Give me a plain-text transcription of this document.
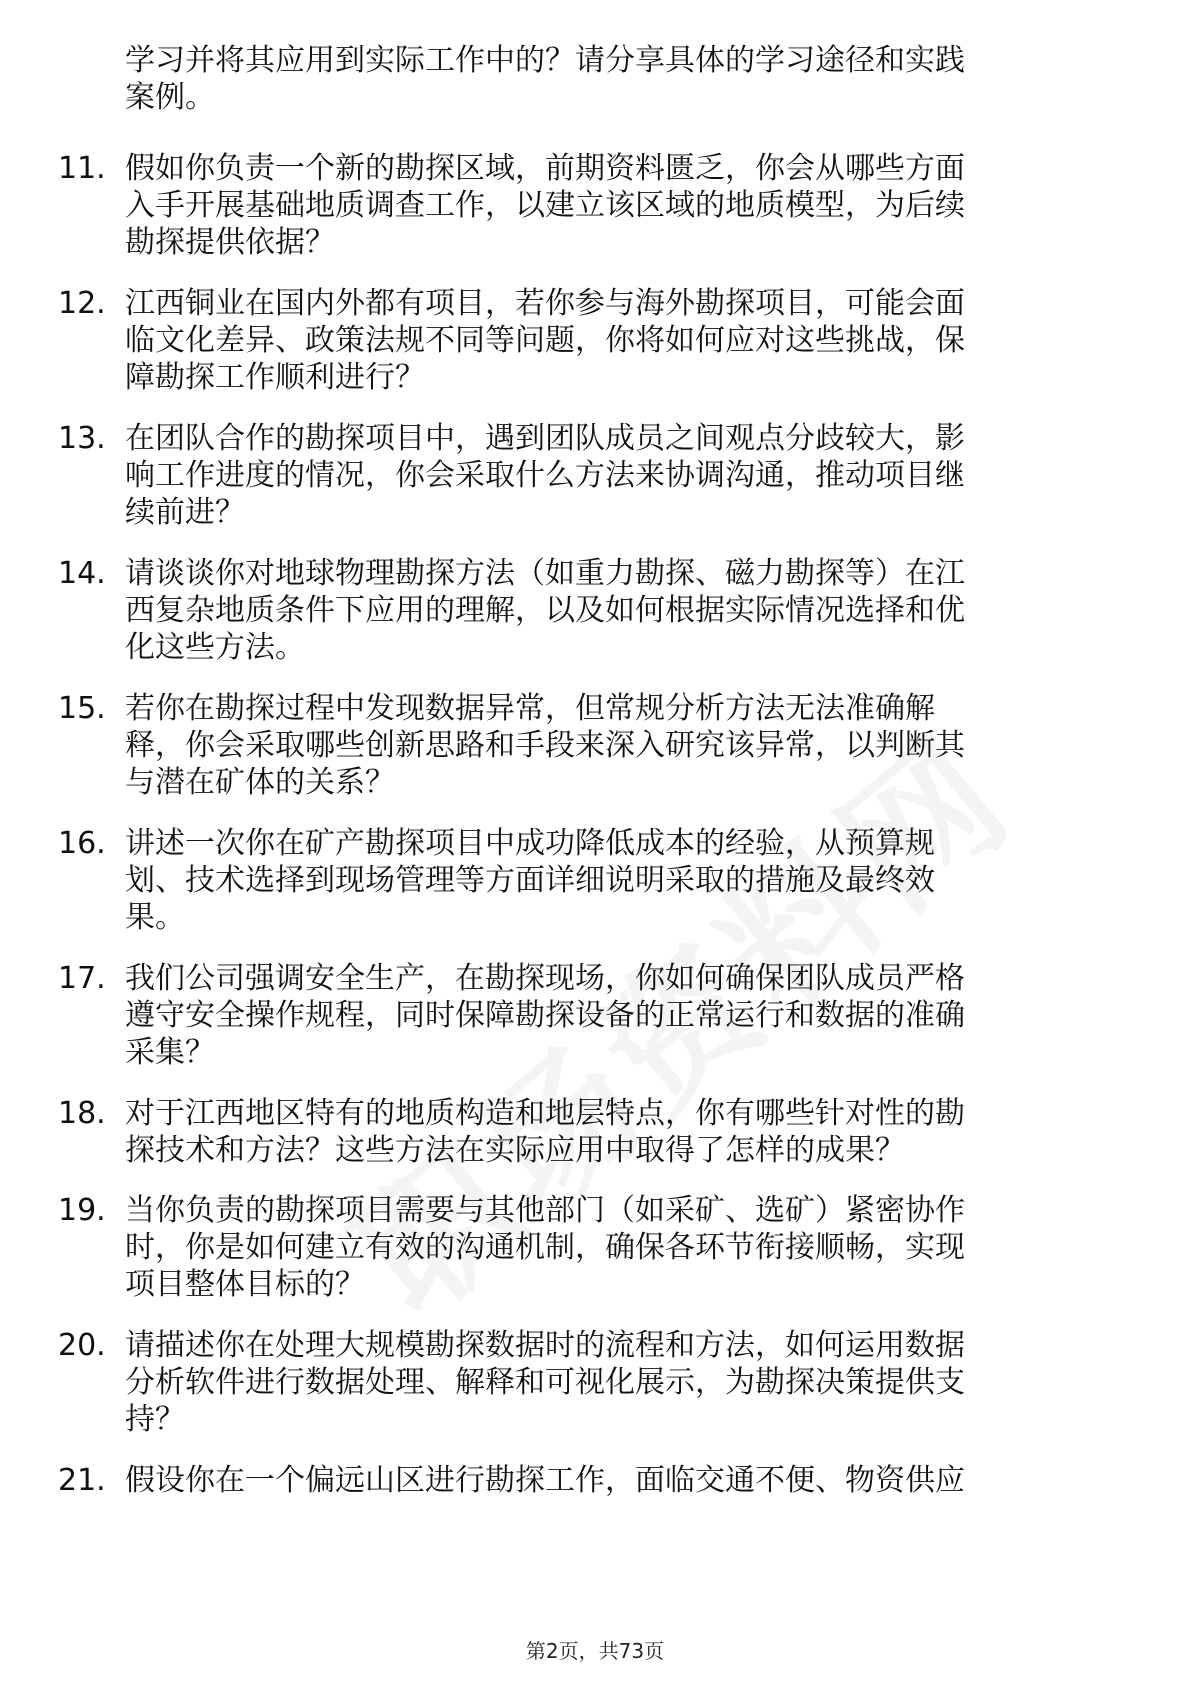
学习并将其应用到实际工作中的？请分享具体的学习途径和实践
案例。
11. 假如你负责一个新的勘探区域，前期资料匮乏，你会从哪些方面
入手开展基础地质调查工作，以建立该区域的地质模型，为后续
勘探提供依据？
12. 江西铜业在国内外都有项目，若你参与海外勘探项目，可能会面
临文化差异、政策法规不同等问题，你将如何应对这些挑战，保
障勘探工作顺利进行？
13. 在团队合作的勘探项目中，遇到团队成员之间观点分歧较大，影
响工作进度的情况，你会采取什么方法来协调沟通，推动项目继
续前进？
14. 请谈谈你对地球物理勘探方法（如重力勘探、磁力勘探等）在江
西复杂地质条件下应用的理解，以及如何根据实际情况选择和优
化这些方法。
15. 若你在勘探过程中发现数据异常，但常规分析方法无法准确解
释，你会采取哪些创新思路和手段来深入研究该异常，以判断其
与潜在矿体的关系？
16. 讲述一次你在矿产勘探项目中成功降低成本的经验，从预算规
划、技术选择到现场管理等方面详细说明采取的措施及最终效
果。
17. 我们公司强调安全生产，在勘探现场，你如何确保团队成员严格
遵守安全操作规程，同时保障勘探设备的正常运行和数据的准确
采集？
18. 对于江西地区特有的地质构造和地层特点，你有哪些针对性的勘
探技术和方法？这些方法在实际应用中取得了怎样的成果？
19. 当你负责的勘探项目需要与其他部门（如采矿、选矿）紧密协作
时，你是如何建立有效的沟通机制，确保各环节衔接顺畅，实现
项目整体目标的？
20. 请描述你在处理大规模勘探数据时的流程和方法，如何运用数据
分析软件进行数据处理、解释和可视化展示，为勘探决策提供支
持？
21. 假设你在一个偏远山区进行勘探工作，面临交通不便、物资供应
第2页，共73页
